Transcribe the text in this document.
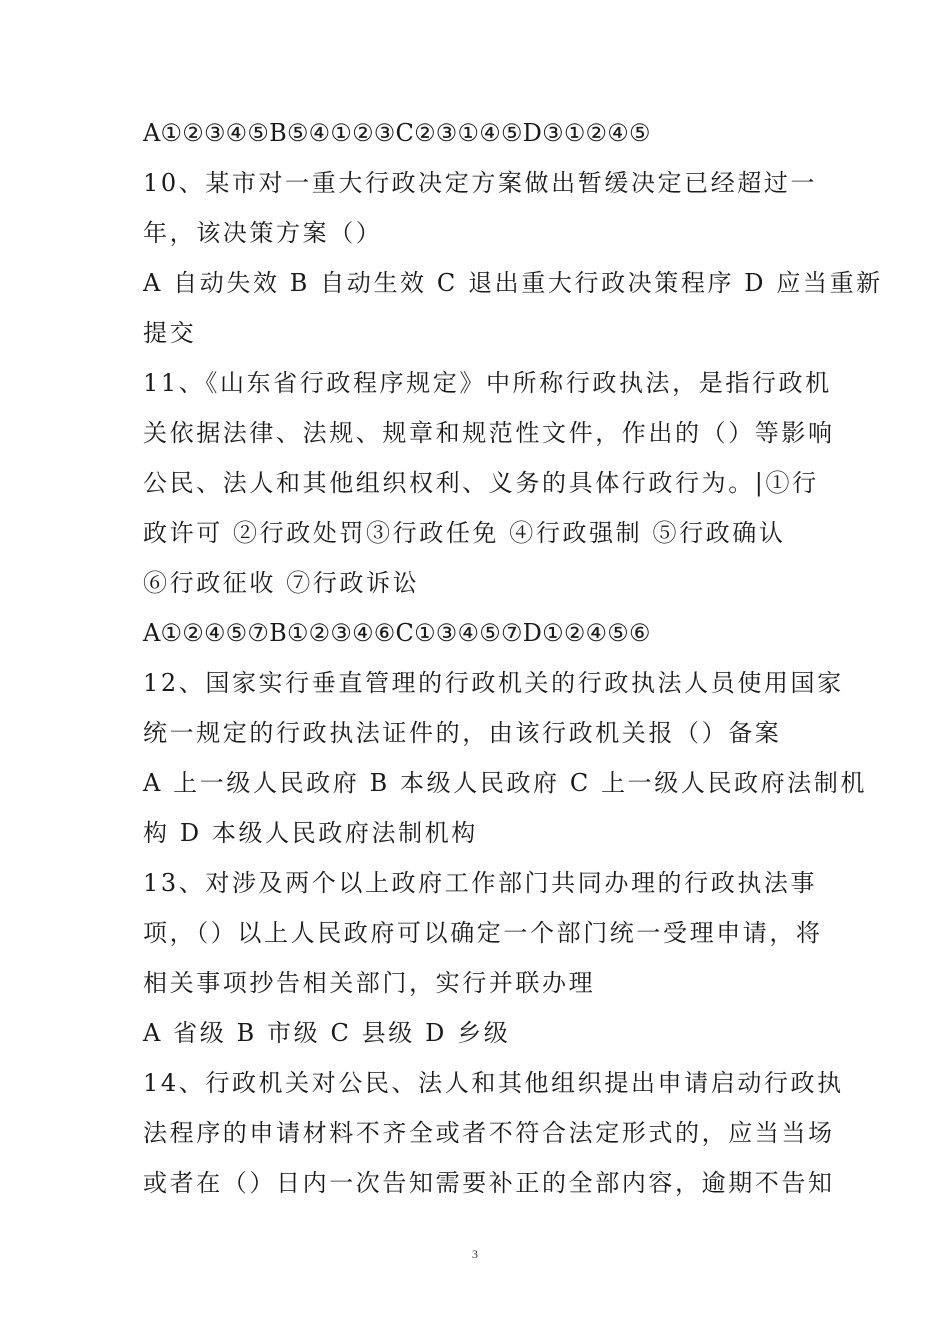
A①②③④⑤B⑤④①②③C②③①④⑤D③①②④⑤
10、某市对一重大行政决定方案做出暂缓决定已经超过一
年，该决策方案（）
A 自动失效 B 自动生效 C 退出重大行政决策程序 D 应当重新
提交
11、《山东省行政程序规定》中所称行政执法，是指行政机
关依据法律、法规、规章和规范性文件，作出的（）等影响
公民、法人和其他组织权利、义务的具体行政行为。|①行
政许可 ②行政处罚③行政任免 ④行政强制 ⑤行政确认
⑥行政征收 ⑦行政诉讼
A①②④⑤⑦B①②③④⑥C①③④⑤⑦D①②④⑤⑥
12、国家实行垂直管理的行政机关的行政执法人员使用国家
统一规定的行政执法证件的，由该行政机关报（）备案
A 上一级人民政府 B 本级人民政府 C 上一级人民政府法制机
构 D 本级人民政府法制机构
13、对涉及两个以上政府工作部门共同办理的行政执法事
项，（）以上人民政府可以确定一个部门统一受理申请，将
相关事项抄告相关部门，实行并联办理
A 省级 B 市级 C 县级 D 乡级
14、行政机关对公民、法人和其他组织提出申请启动行政执
法程序的申请材料不齐全或者不符合法定形式的，应当当场
或者在（）日内一次告知需要补正的全部内容，逾期不告知
3
